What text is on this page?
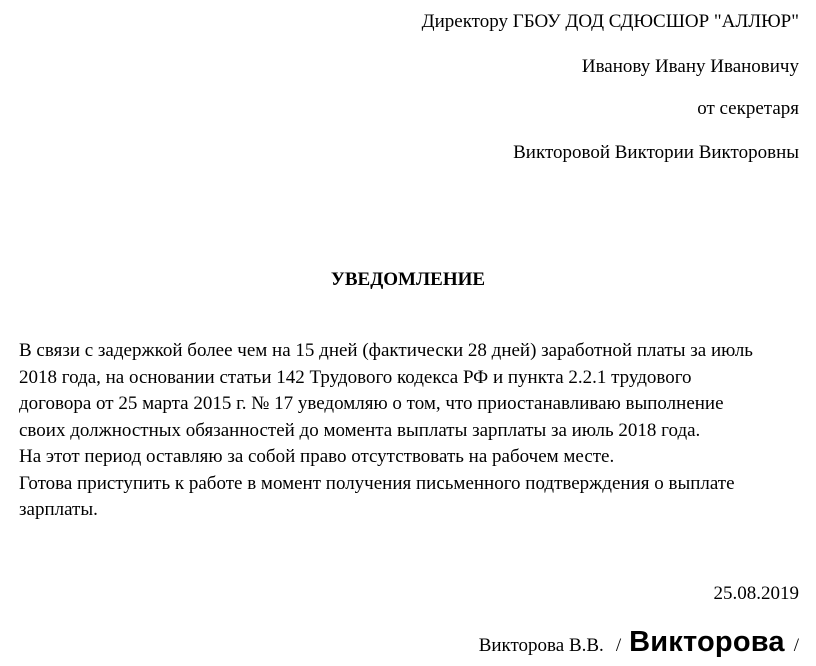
Директору ГБОУ ДОД СДЮСШОР "АЛЛЮР"
Иванову Ивану Ивановичу
от секретаря
Викторовой Виктории Викторовны
УВЕДОМЛЕНИЕ
В связи с задержкой более чем на 15 дней (фактически 28 дней) заработной платы за июль
2018 года, на основании статьи 142 Трудового кодекса РФ и пункта 2.2.1 трудового
договора от 25 марта 2015 г. № 17 уведомляю о том, что приостанавливаю выполнение
своих должностных обязанностей до момента выплаты зарплаты за июль 2018 года.
На этот период оставляю за собой право отсутствовать на рабочем месте.
Готова приступить к работе в момент получения письменного подтверждения о выплате
зарплаты.
25.08.2019
Викторова В.В. / Викторова /
